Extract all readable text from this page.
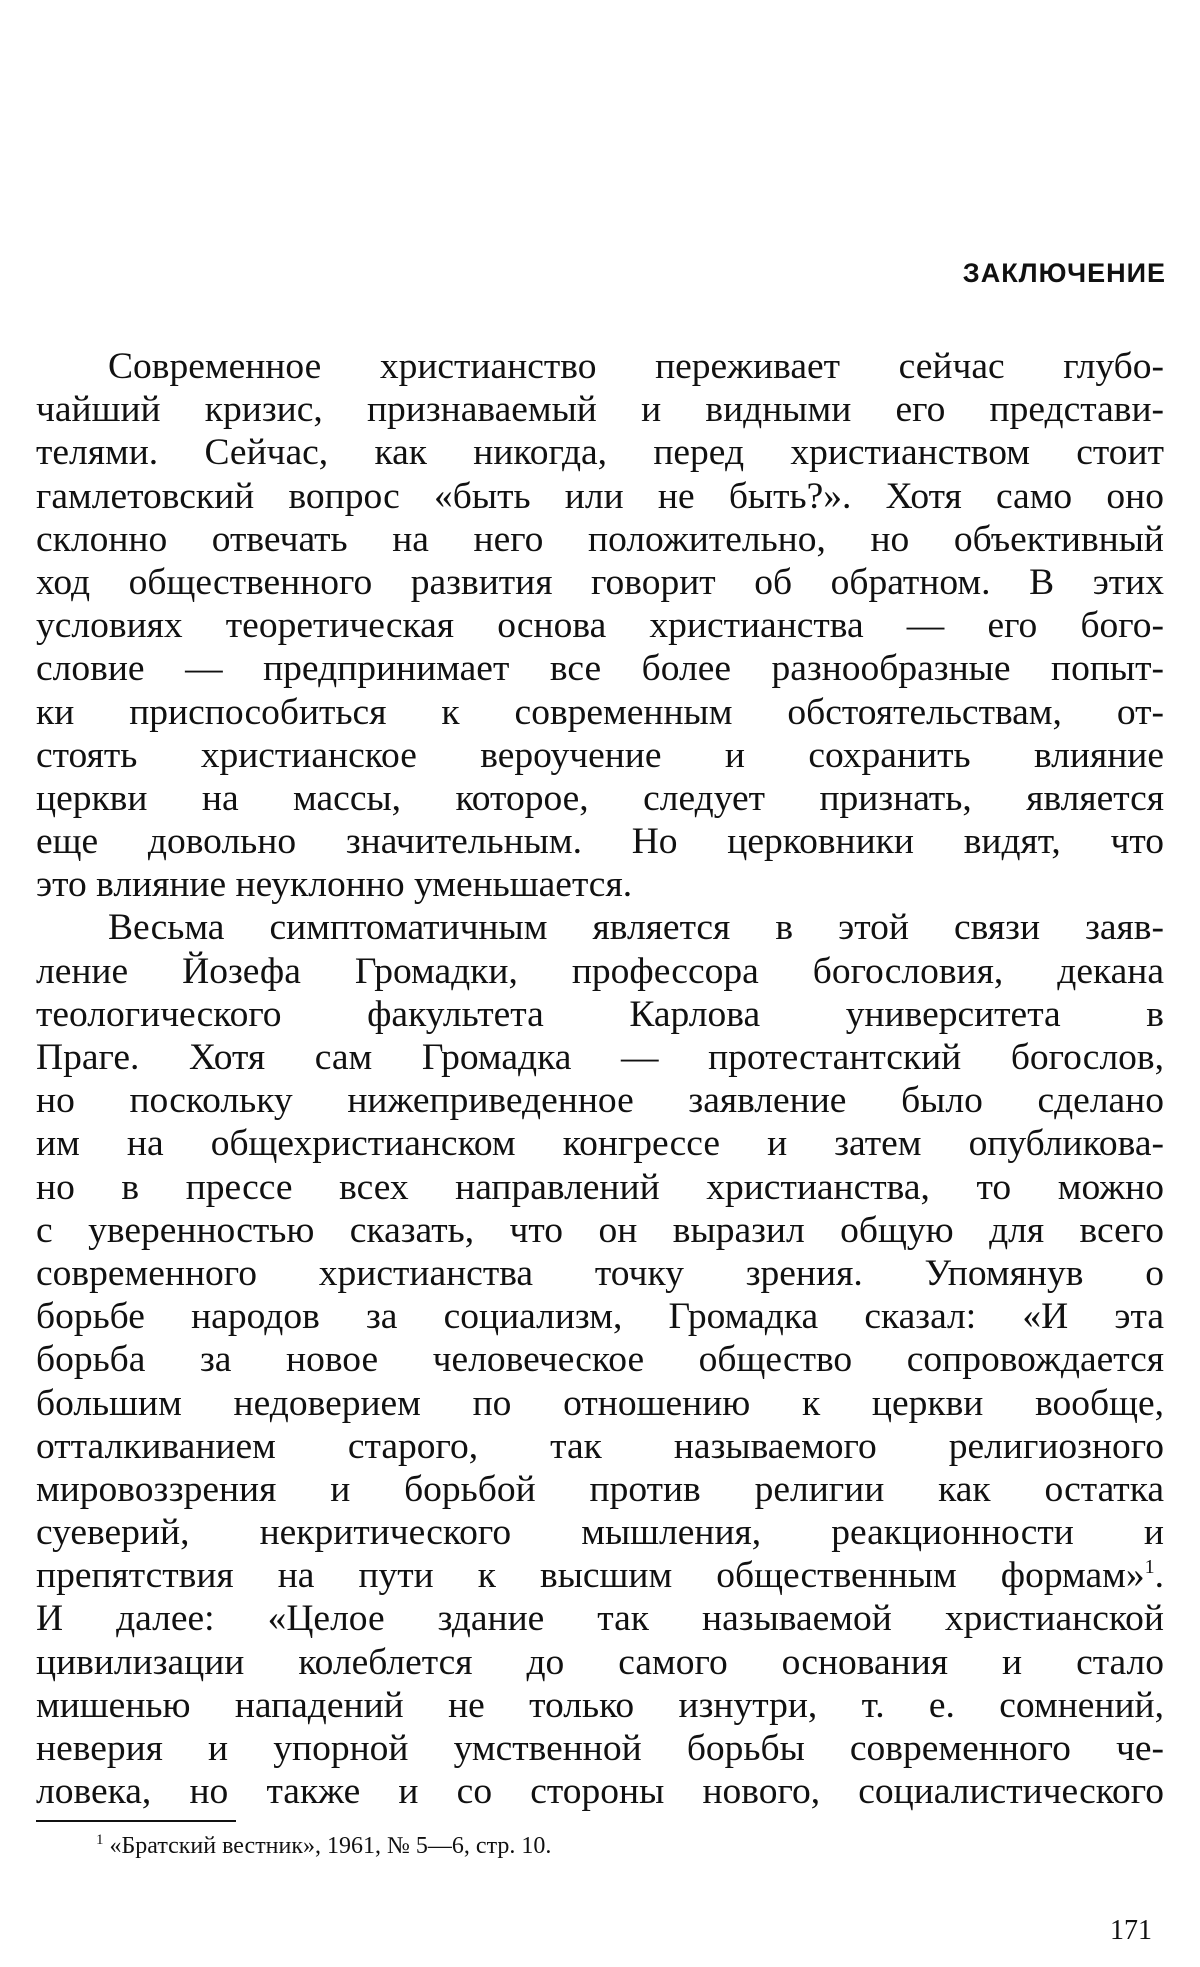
ЗАКЛЮЧЕНИЕ
Современное христианство переживает сейчас глубо-
чайший кризис, признаваемый и видными его представи-
телями. Сейчас, как никогда, перед христианством стоит
гамлетовский вопрос «быть или не быть?». Хотя само оно
склонно отвечать на него положительно, но объективный
ход общественного развития говорит об обратном. В этих
условиях теоретическая основа христианства — его бого-
словие — предпринимает все более разнообразные попыт-
ки приспособиться к современным обстоятельствам, от-
стоять христианское вероучение и сохранить влияние
церкви на массы, которое, следует признать, является
еще довольно значительным. Но церковники видят, что
это влияние неуклонно уменьшается.
Весьма симптоматичным является в этой связи заяв-
ление Йозефа Громадки, профессора богословия, декана
теологического факультета Карлова университета в
Праге. Хотя сам Громадка — протестантский богослов,
но поскольку нижеприведенное заявление было сделано
им на общехристианском конгрессе и затем опубликова-
но в прессе всех направлений христианства, то можно
с уверенностью сказать, что он выразил общую для всего
современного христианства точку зрения. Упомянув о
борьбе народов за социализм, Громадка сказал: «И эта
борьба за новое человеческое общество сопровождается
большим недоверием по отношению к церкви вообще,
отталкиванием старого, так называемого религиозного
мировоззрения и борьбой против религии как остатка
суеверий, некритического мышления, реакционности и
препятствия на пути к высшим общественным формам»$^1$.
И далее: «Целое здание так называемой христианской
цивилизации колеблется до самого основания и стало
мишенью нападений не только изнутри, т. е. сомнений,
неверия и упорной умственной борьбы современного че-
ловека, но также и со стороны нового, социалистического
$^1$ «Братский вестник», 1961, № 5—6, стр. 10.
171
